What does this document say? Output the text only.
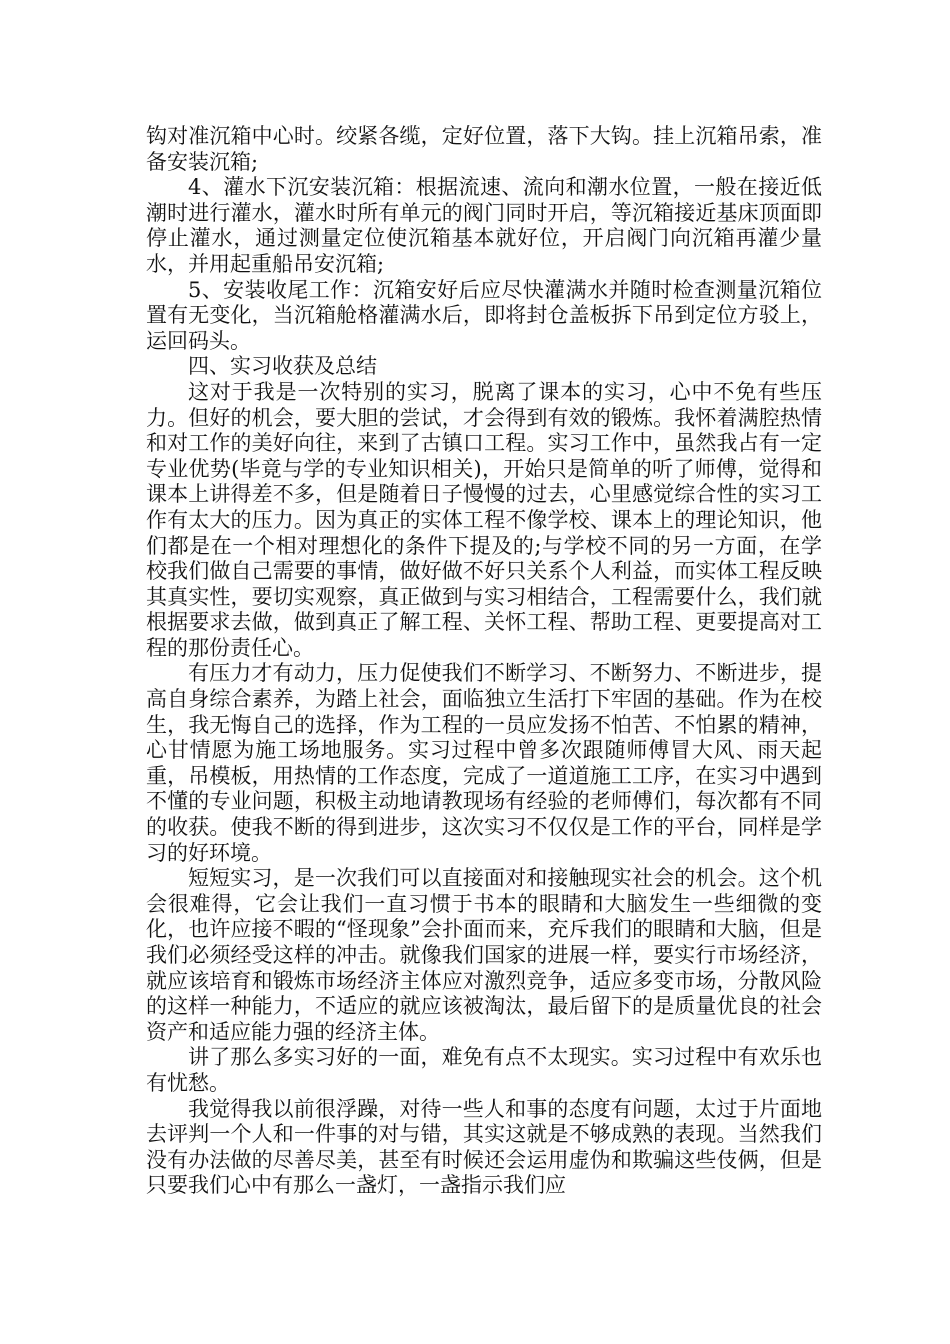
钩对准沉箱中心时。绞紧各缆，定好位置，落下大钩。挂上沉箱吊索，准备安装沉箱;

4、灌水下沉安装沉箱：根据流速、流向和潮水位置，一般在接近低潮时进行灌水，灌水时所有单元的阀门同时开启，等沉箱接近基床顶面即停止灌水，通过测量定位使沉箱基本就好位，开启阀门向沉箱再灌少量水，并用起重船吊安沉箱;

5、安装收尾工作：沉箱安好后应尽快灌满水并随时检查测量沉箱位置有无变化，当沉箱舱格灌满水后，即将封仓盖板拆下吊到定位方驳上，运回码头。

四、实习收获及总结

这对于我是一次特别的实习，脱离了课本的实习，心中不免有些压力。但好的机会，要大胆的尝试，才会得到有效的锻炼。我怀着满腔热情和对工作的美好向往，来到了古镇口工程。实习工作中，虽然我占有一定专业优势(毕竟与学的专业知识相关)，开始只是简单的听了师傅，觉得和课本上讲得差不多，但是随着日子慢慢的过去，心里感觉综合性的实习工作有太大的压力。因为真正的实体工程不像学校、课本上的理论知识，他们都是在一个相对理想化的条件下提及的;与学校不同的另一方面，在学校我们做自己需要的事情，做好做不好只关系个人利益，而实体工程反映其真实性，要切实观察，真正做到与实习相结合，工程需要什么，我们就根据要求去做，做到真正了解工程、关怀工程、帮助工程、更要提高对工程的那份责任心。

有压力才有动力，压力促使我们不断学习、不断努力、不断进步，提高自身综合素养，为踏上社会，面临独立生活打下牢固的基础。作为在校生，我无悔自己的选择，作为工程的一员应发扬不怕苦、不怕累的精神，心甘情愿为施工场地服务。实习过程中曾多次跟随师傅冒大风、雨天起重，吊模板，用热情的工作态度，完成了一道道施工工序，在实习中遇到不懂的专业问题，积极主动地请教现场有经验的老师傅们，每次都有不同的收获。使我不断的得到进步，这次实习不仅仅是工作的平台，同样是学习的好环境。

短短实习，是一次我们可以直接面对和接触现实社会的机会。这个机会很难得，它会让我们一直习惯于书本的眼睛和大脑发生一些细微的变化，也许应接不暇的“怪现象”会扑面而来，充斥我们的眼睛和大脑，但是我们必须经受这样的冲击。就像我们国家的进展一样，要实行市场经济，就应该培育和锻炼市场经济主体应对激烈竞争，适应多变市场，分散风险的这样一种能力，不适应的就应该被淘汰，最后留下的是质量优良的社会资产和适应能力强的经济主体。

讲了那么多实习好的一面，难免有点不太现实。实习过程中有欢乐也有忧愁。

我觉得我以前很浮躁，对待一些人和事的态度有问题，太过于片面地去评判一个人和一件事的对与错，其实这就是不够成熟的表现。当然我们没有办法做的尽善尽美，甚至有时候还会运用虚伪和欺骗这些伎俩，但是只要我们心中有那么一盏灯，一盏指示我们应
